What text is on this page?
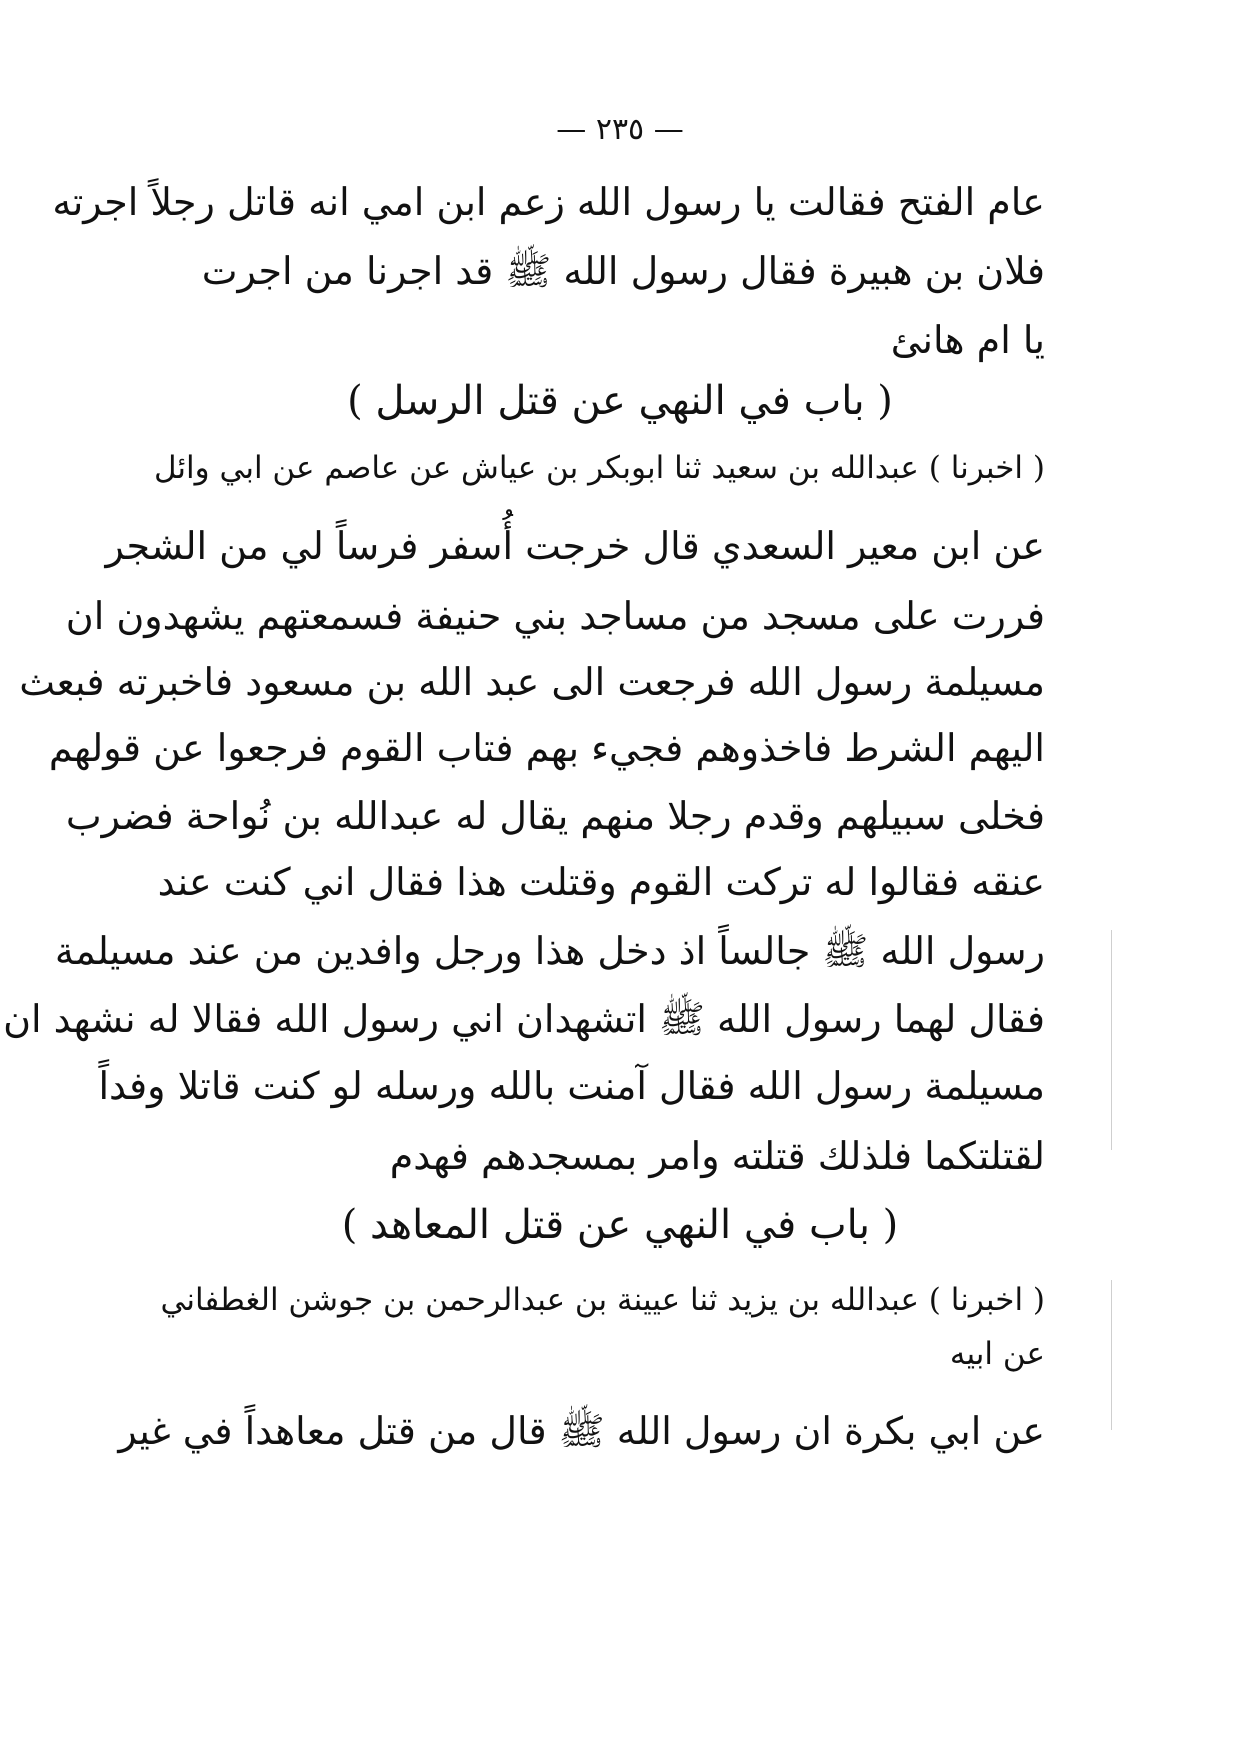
— ٢٣٥ —
عام الفتح فقالت يا رسول الله زعم ابن امي انه قاتل رجلاً اجرته
فلان بن هبيرة فقال رسول الله ﷺ قد اجرنا من اجرت
يا ام هانئ
( باب في النهي عن قتل الرسل )
( اخبرنا ) عبدالله بن سعيد ثنا ابوبكر بن عياش عن عاصم عن ابي وائل
عن ابن معير السعدي قال خرجت أُسفر فرساً لي من الشجر
فررت على مسجد من مساجد بني حنيفة فسمعتهم يشهدون ان
مسيلمة رسول الله فرجعت الى عبد الله بن مسعود فاخبرته فبعث
اليهم الشرط فاخذوهم فجيء بهم فتاب القوم فرجعوا عن قولهم
فخلى سبيلهم وقدم رجلا منهم يقال له عبدالله بن نُواحة فضرب
عنقه فقالوا له تركت القوم وقتلت هذا فقال اني كنت عند
رسول الله ﷺ جالساً اذ دخل هذا ورجل وافدين من عند مسيلمة
فقال لهما رسول الله ﷺ اتشهدان اني رسول الله فقالا له نشهد ان
مسيلمة رسول الله فقال آمنت بالله ورسله لو كنت قاتلا وفداً
لقتلتكما فلذلك قتلته وامر بمسجدهم فهدم
( باب في النهي عن قتل المعاهد )
( اخبرنا ) عبدالله بن يزيد ثنا عيينة بن عبدالرحمن بن جوشن الغطفاني
عن ابيه
عن ابي بكرة ان رسول الله ﷺ قال من قتل معاهداً في غير
